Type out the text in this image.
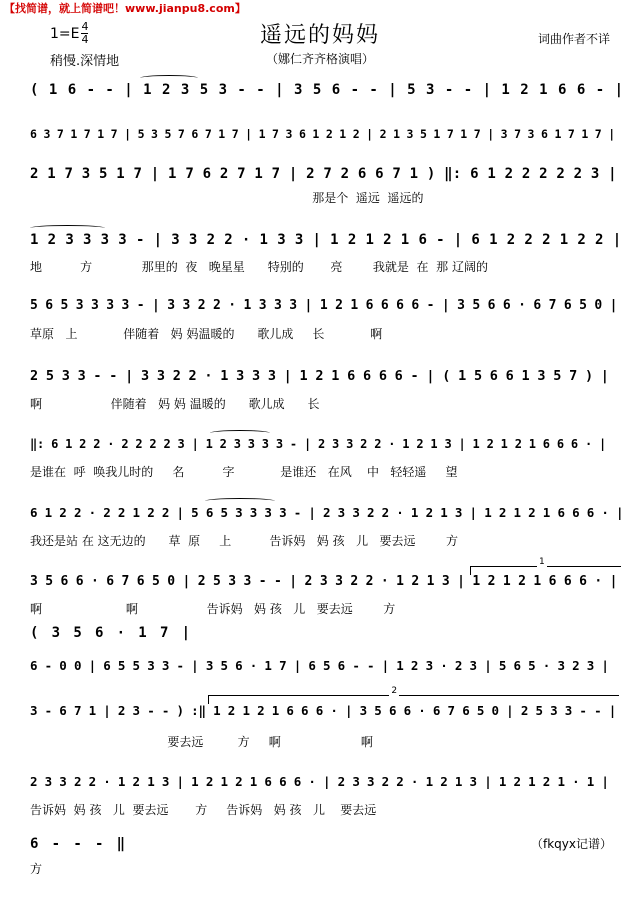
【找简谱，就上简谱吧！www.jianpu8.com】
1=E 4
4	遥远的妈妈	词曲作者不详
稍慢.深情地	（娜仁齐齐格演唱）
( 1 6 - - | 1 2 3 5 3 - - | 3 5 6 - - | 5 3 - - | 1 2 1 6 6 - |
6 3 7 1 7 1 7 | 5 3 5 7 6 7 1 7 | 1 7 3 6 1 2 1 2 | 2 1 3 5 1 7 1 7 | 3 7 3 6 1 7 1 7 |
2 1 7 3 5 1 7 | 1 7 6 2 7 1 7 | 2 7 2 6 6 7 1 ) ‖: 6 1 2 2 2 2 2 3 |
那是个  遥远  遥远的
1 2 3 3 3 3 - | 3 3 2 2 · 1 3 3 | 1 2 1 2 1 6 - | 6 1 2 2 2 1 2 2 |
地          方             那里的  夜   晚星星      特别的       亮        我就是  在  那 辽阔的
5 6 5 3 3 3 3 - | 3 3 2 2 · 1 3 3 3 | 1 2 1 6 6 6 6 - | 3 5 6 6 · 6 7 6 5 0 |
草原   上            伴随着   妈 妈温暖的      歌儿成     长            啊
2 5 3 3 - - | 3 3 2 2 · 1 3 3 3 | 1 2 1 6 6 6 6 - | ( 1 5 6 6 1 3 5 7 ) |
啊                  伴随着   妈 妈 温暖的      歌儿成      长
‖: 6 1 2 2 · 2 2 2 2 3 | 1 2 3 3 3 3 - | 2 3 3 2 2 · 1 2 1 3 | 1 2 1 2 1 6 6 6 · |
是谁在  呼  唤我儿时的     名          字            是谁还   在风    中   轻轻遥     望
6 1 2 2 · 2 2 1 2 2 | 5 6 5 3 3 3 3 - | 2 3 3 2 2 · 1 2 1 3 | 1 2 1 2 1 6 6 6 · |
我还是站 在 这无边的      草  原     上          告诉妈   妈 孩   儿   要去远        方
1
3 5 6 6 · 6 7 6 5 0 | 2 5 3 3 - - | 2 3 3 2 2 · 1 2 1 3 | 1 2 1 2 1 6 6 6 · |
啊                      啊                  告诉妈   妈 孩   儿   要去远        方
( 3 5 6 · 1 7 |
6 - 0 0 | 6 5 5 3 3 - | 3 5 6 · 1 7 | 6 5 6 - - | 1 2 3 · 2 3 | 5 6 5 · 3 2 3 |
2
3 - 6 7 1 | 2 3 - - ) :‖ 1 2 1 2 1 6 6 6 · | 3 5 6 6 · 6 7 6 5 0 | 2 5 3 3 - - |
要去远         方     啊                     啊
2 3 3 2 2 · 1 2 1 3 | 1 2 1 2 1 6 6 6 · | 2 3 3 2 2 · 1 2 1 3 | 1 2 1 2 1 · 1 |
告诉妈  妈 孩   儿  要去远       方     告诉妈   妈 孩   儿    要去远
6 - - - ‖
方
（fkqyx记谱）
